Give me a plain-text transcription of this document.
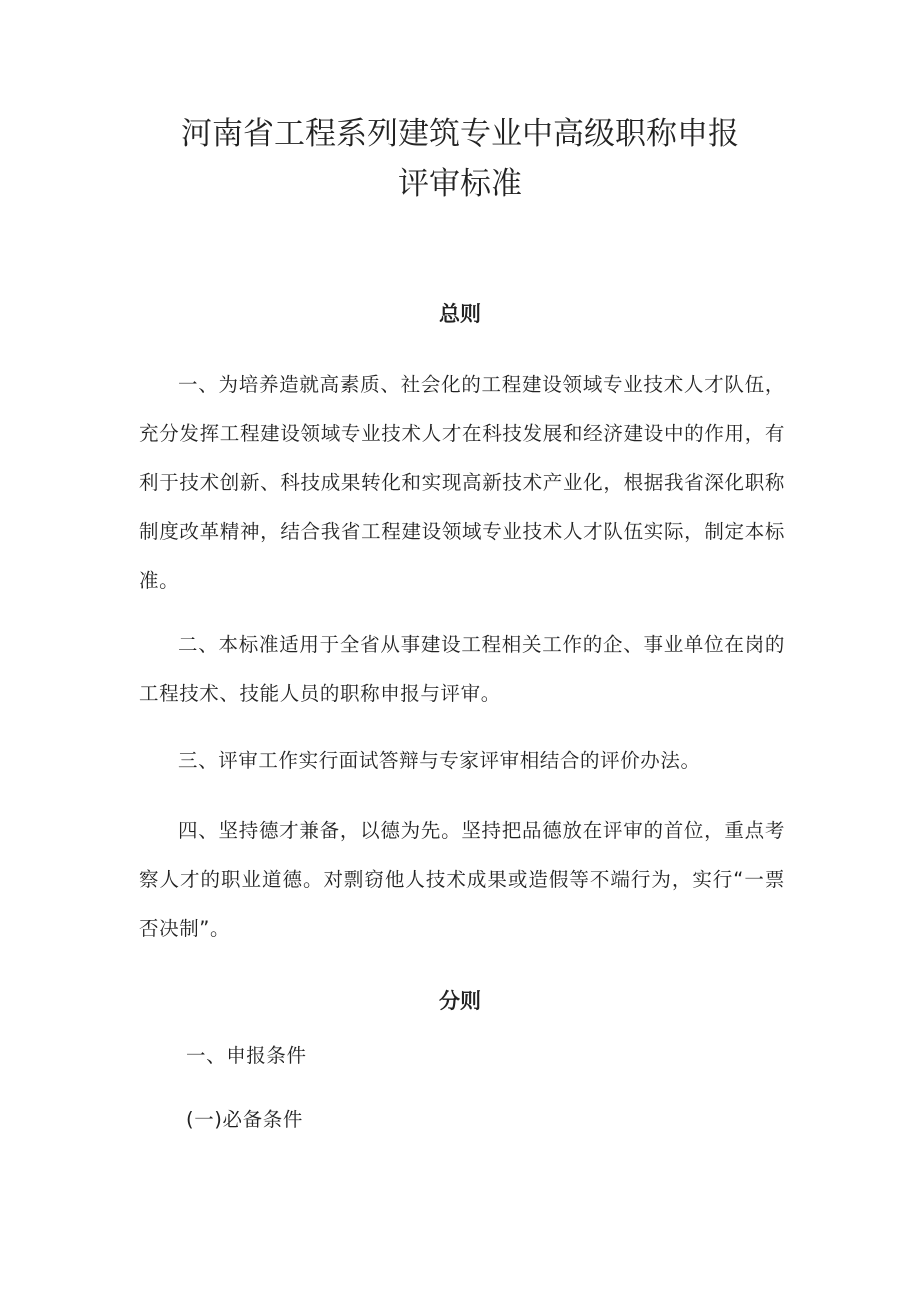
河南省工程系列建筑专业中高级职称申报
评审标准
总则

一、为培养造就高素质、社会化的工程建设领域专业技术人才队伍，充分发挥工程建设领域专业技术人才在科技发展和经济建设中的作用，有利于技术创新、科技成果转化和实现高新技术产业化，根据我省深化职称制度改革精神，结合我省工程建设领域专业技术人才队伍实际，制定本标准。

二、本标准适用于全省从事建设工程相关工作的企、事业单位在岗的工程技术、技能人员的职称申报与评审。

三、评审工作实行面试答辩与专家评审相结合的评价办法。

四、坚持德才兼备，以德为先。坚持把品德放在评审的首位，重点考察人才的职业道德。对剽窃他人技术成果或造假等不端行为，实行“一票否决制”。

分则

一、申报条件

(一)必备条件
